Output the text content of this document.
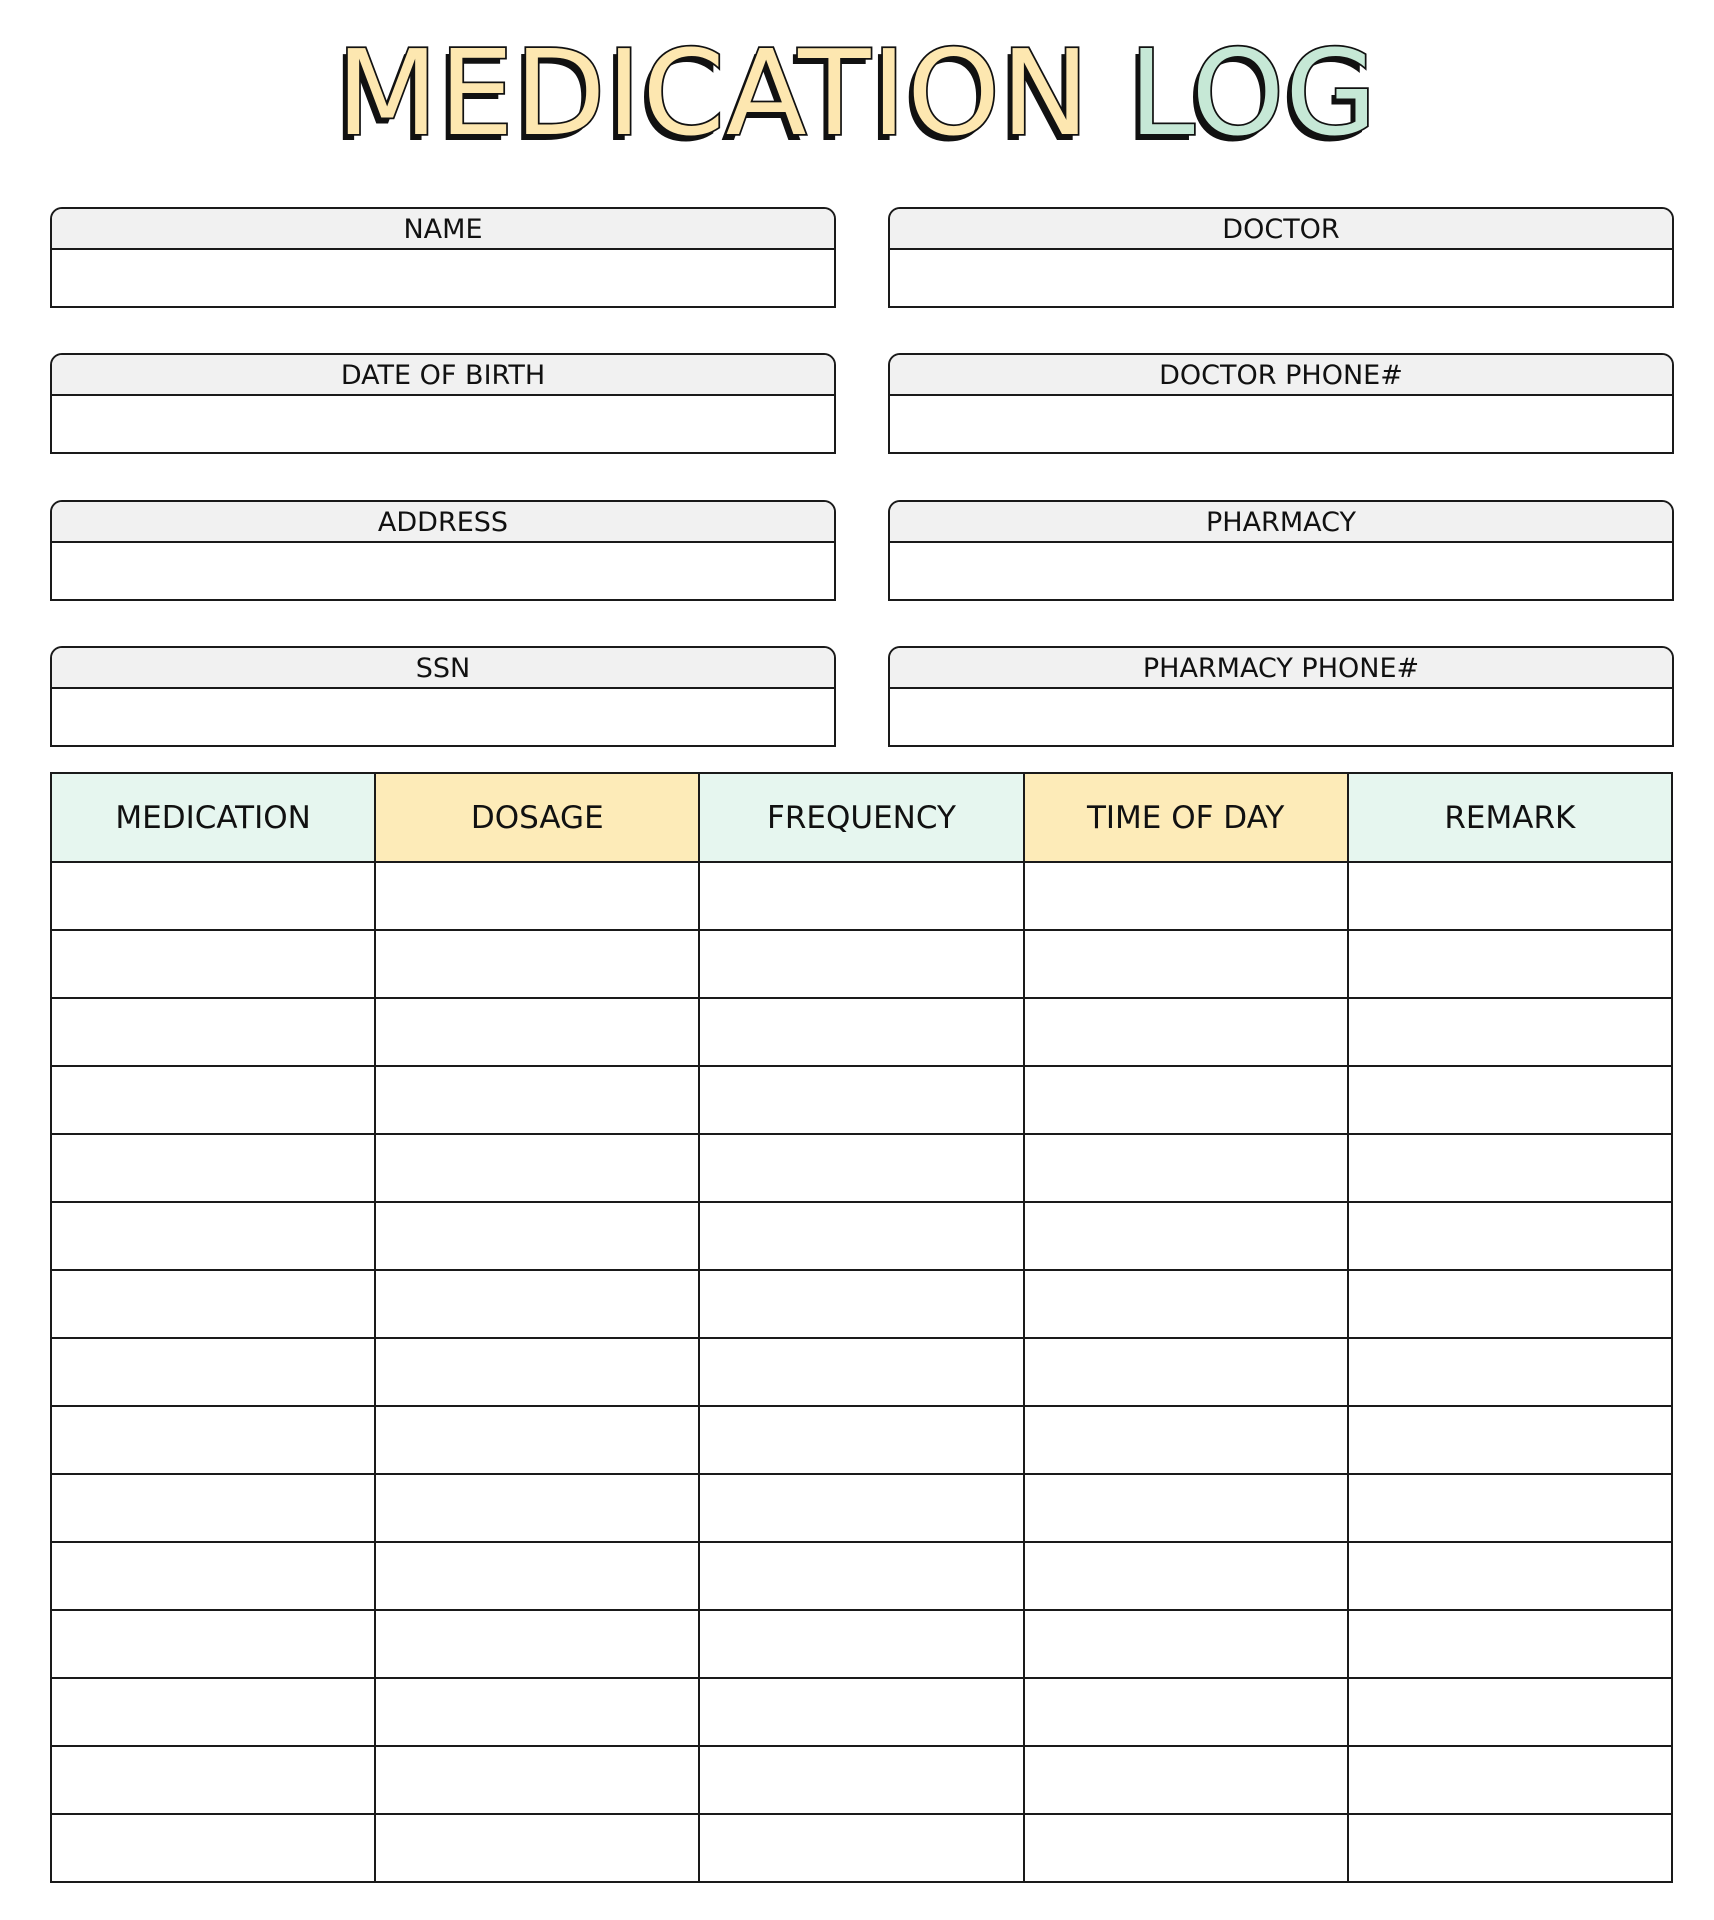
MEDICATION LOG
NAME	DOCTOR
DATE OF BIRTH	DOCTOR PHONE#
ADDRESS	PHARMACY
SSN	PHARMACY PHONE#
MEDICATION	DOSAGE	FREQUENCY	TIME OF DAY	REMARK
